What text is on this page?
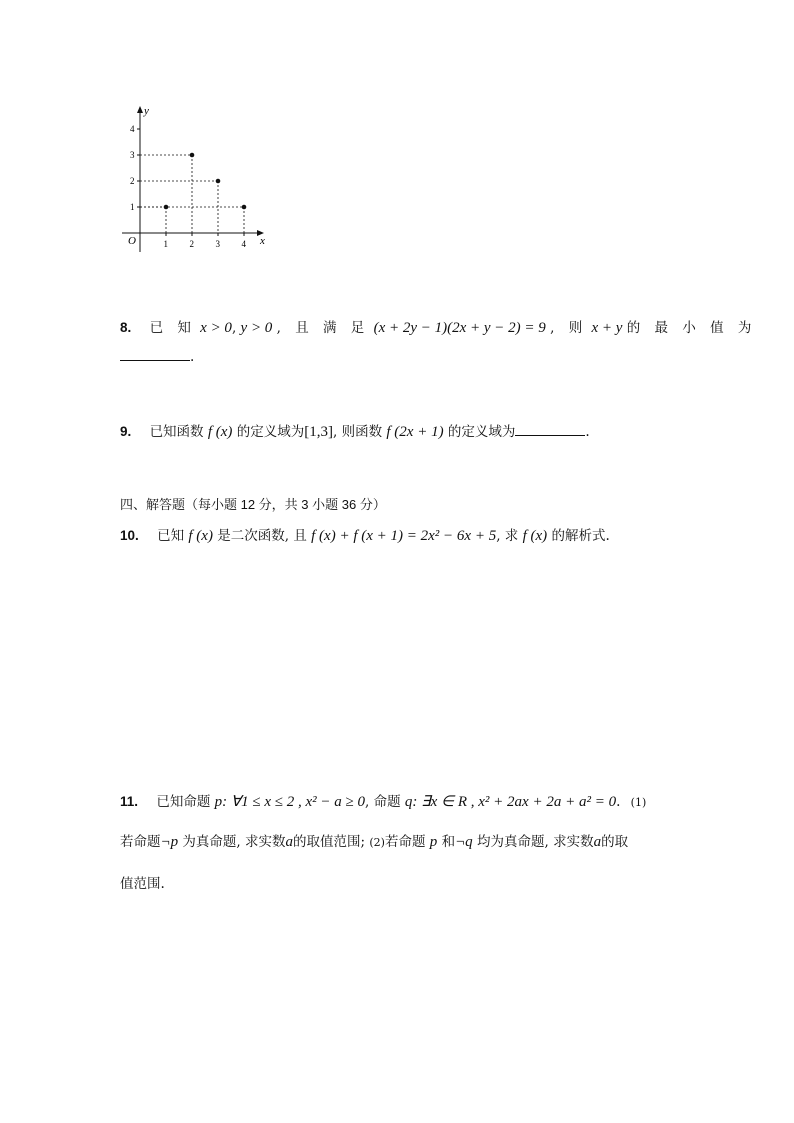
y
x
O
1
2
3
4
1 2 3 4
8. 已 知 x > 0, y > 0 , 且 满 足 (x + 2y − 1)(2x + y − 2) = 9 , 则 x + y 的 最 小 值 为
.
9. 已知函数 f (x) 的定义域为[1,3], 则函数 f (2x + 1) 的定义域为	.
四、解答题（每小题 12 分，共 3 小题 36 分）
10. 已知 f (x) 是二次函数, 且 f (x) + f (x + 1) = 2x² − 6x + 5, 求 f (x) 的解析式.
11. 已知命题 p: ∀1 ≤ x ≤ 2 , x² − a ≥ 0, 命题 q: ∃x ∈ R , x² + 2ax + 2a + a² = 0. (1)
若命题¬p 为真命题, 求实数a的取值范围; (2)若命题 p 和¬q 均为真命题, 求实数a的取
值范围.
